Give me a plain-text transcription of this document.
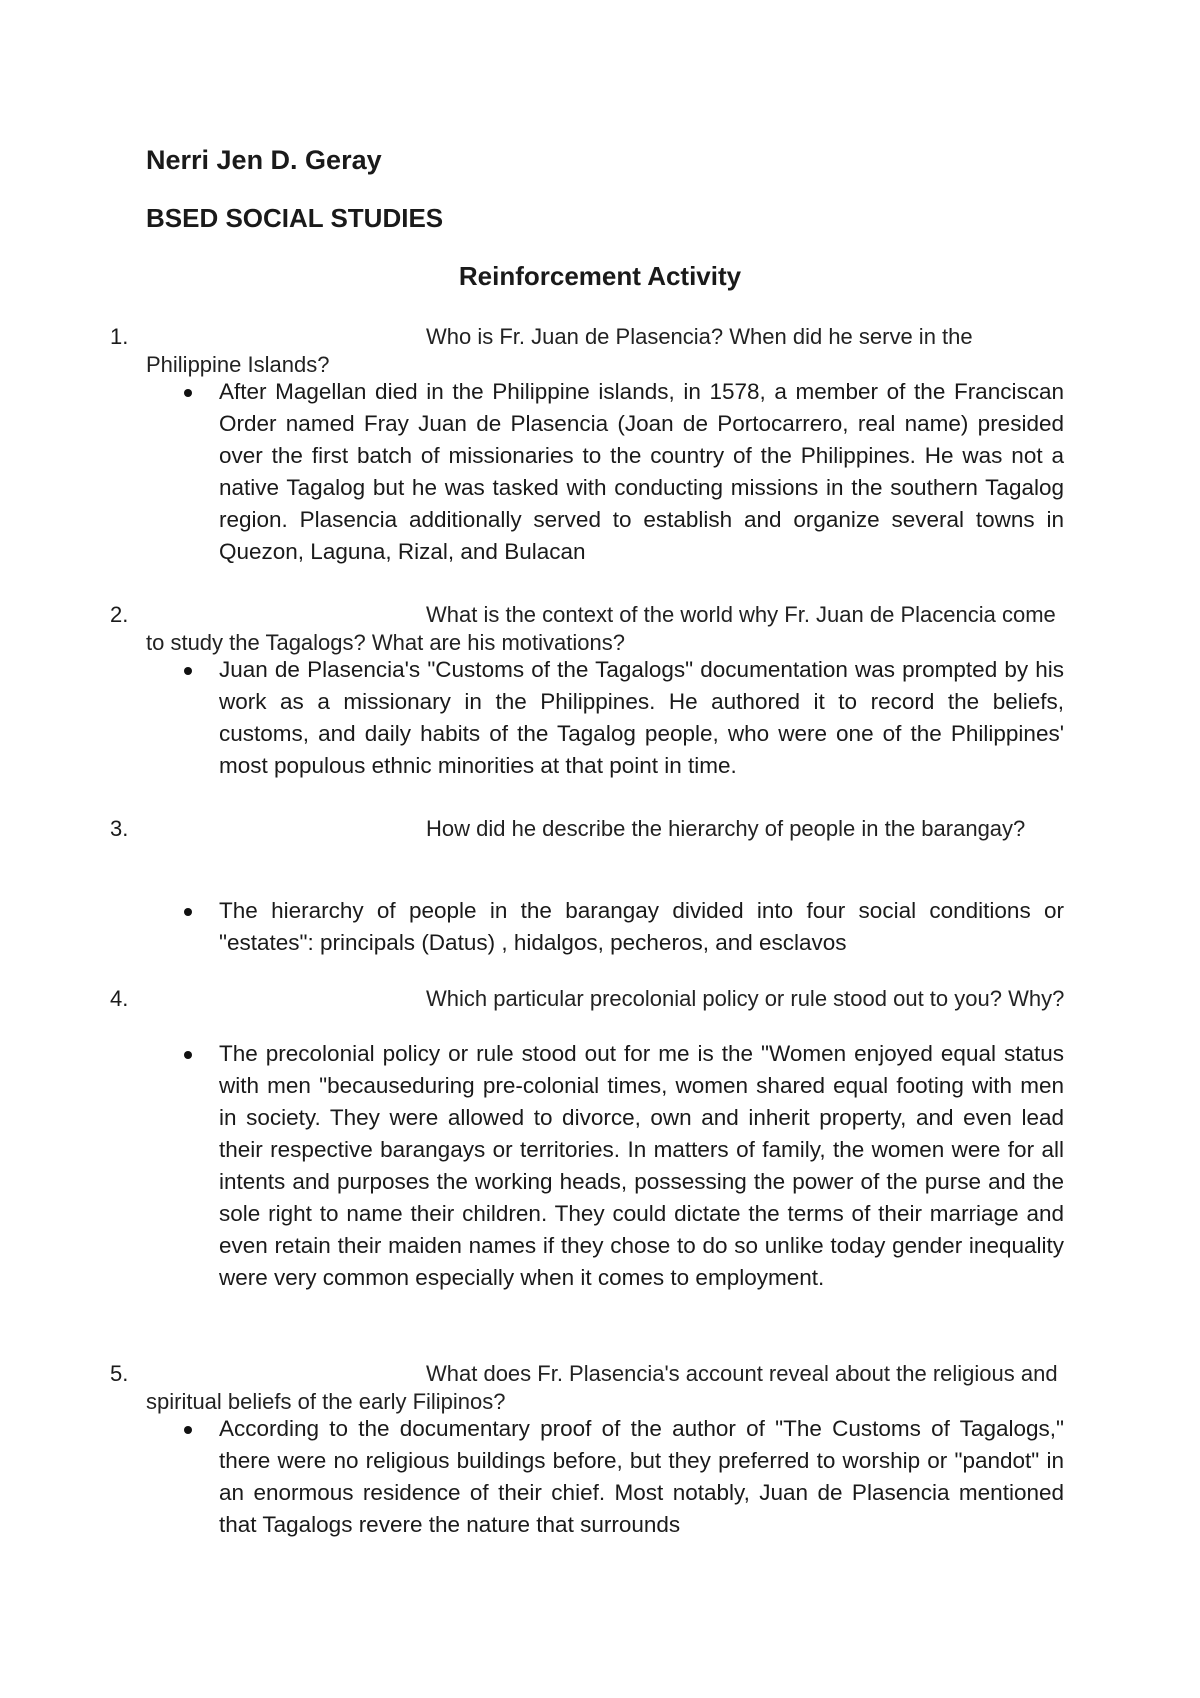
Nerri Jen D. Geray
BSED SOCIAL STUDIES
Reinforcement Activity
1.	Who is Fr. Juan de Plasencia? When did he serve in the Philippine Islands?
After Magellan died in the Philippine islands, in 1578, a member of the Franciscan Order named Fray Juan de Plasencia (Joan de Portocarrero, real name) presided over the first batch of missionaries to the country of the Philippines. He was not a native Tagalog but he was tasked with conducting missions in the southern Tagalog region. Plasencia additionally served to establish and organize several towns in Quezon, Laguna, Rizal, and Bulacan
2.	What is the context of the world why Fr. Juan de Placencia come to study the Tagalogs? What are his motivations?
Juan de Plasencia's "Customs of the Tagalogs" documentation was prompted by his work as a missionary in the Philippines. He authored it to record the beliefs, customs, and daily habits of the Tagalog people, who were one of the Philippines' most populous ethnic minorities at that point in time.
3.	How did he describe the hierarchy of people in the barangay?
The hierarchy of people in the barangay divided into four social conditions or "estates": principals (Datus) , hidalgos, pecheros, and esclavos
4.	Which particular precolonial policy or rule stood out to you? Why?
The precolonial policy or rule stood out for me is the "Women enjoyed equal status with men "becauseduring pre-colonial times, women shared equal footing with men in society. They were allowed to divorce, own and inherit property, and even lead their respective barangays or territories. In matters of family, the women were for all intents and purposes the working heads, possessing the power of the purse and the sole right to name their children. They could dictate the terms of their marriage and even retain their maiden names if they chose to do so unlike today gender inequality were very common especially when it comes to employment.
5.	What does Fr. Plasencia's account reveal about the religious and spiritual beliefs of the early Filipinos?
According to the documentary proof of the author of "The Customs of Tagalogs," there were no religious buildings before, but they preferred to worship or "pandot" in an enormous residence of their chief. Most notably, Juan de Plasencia mentioned that Tagalogs revere the nature that surrounds
